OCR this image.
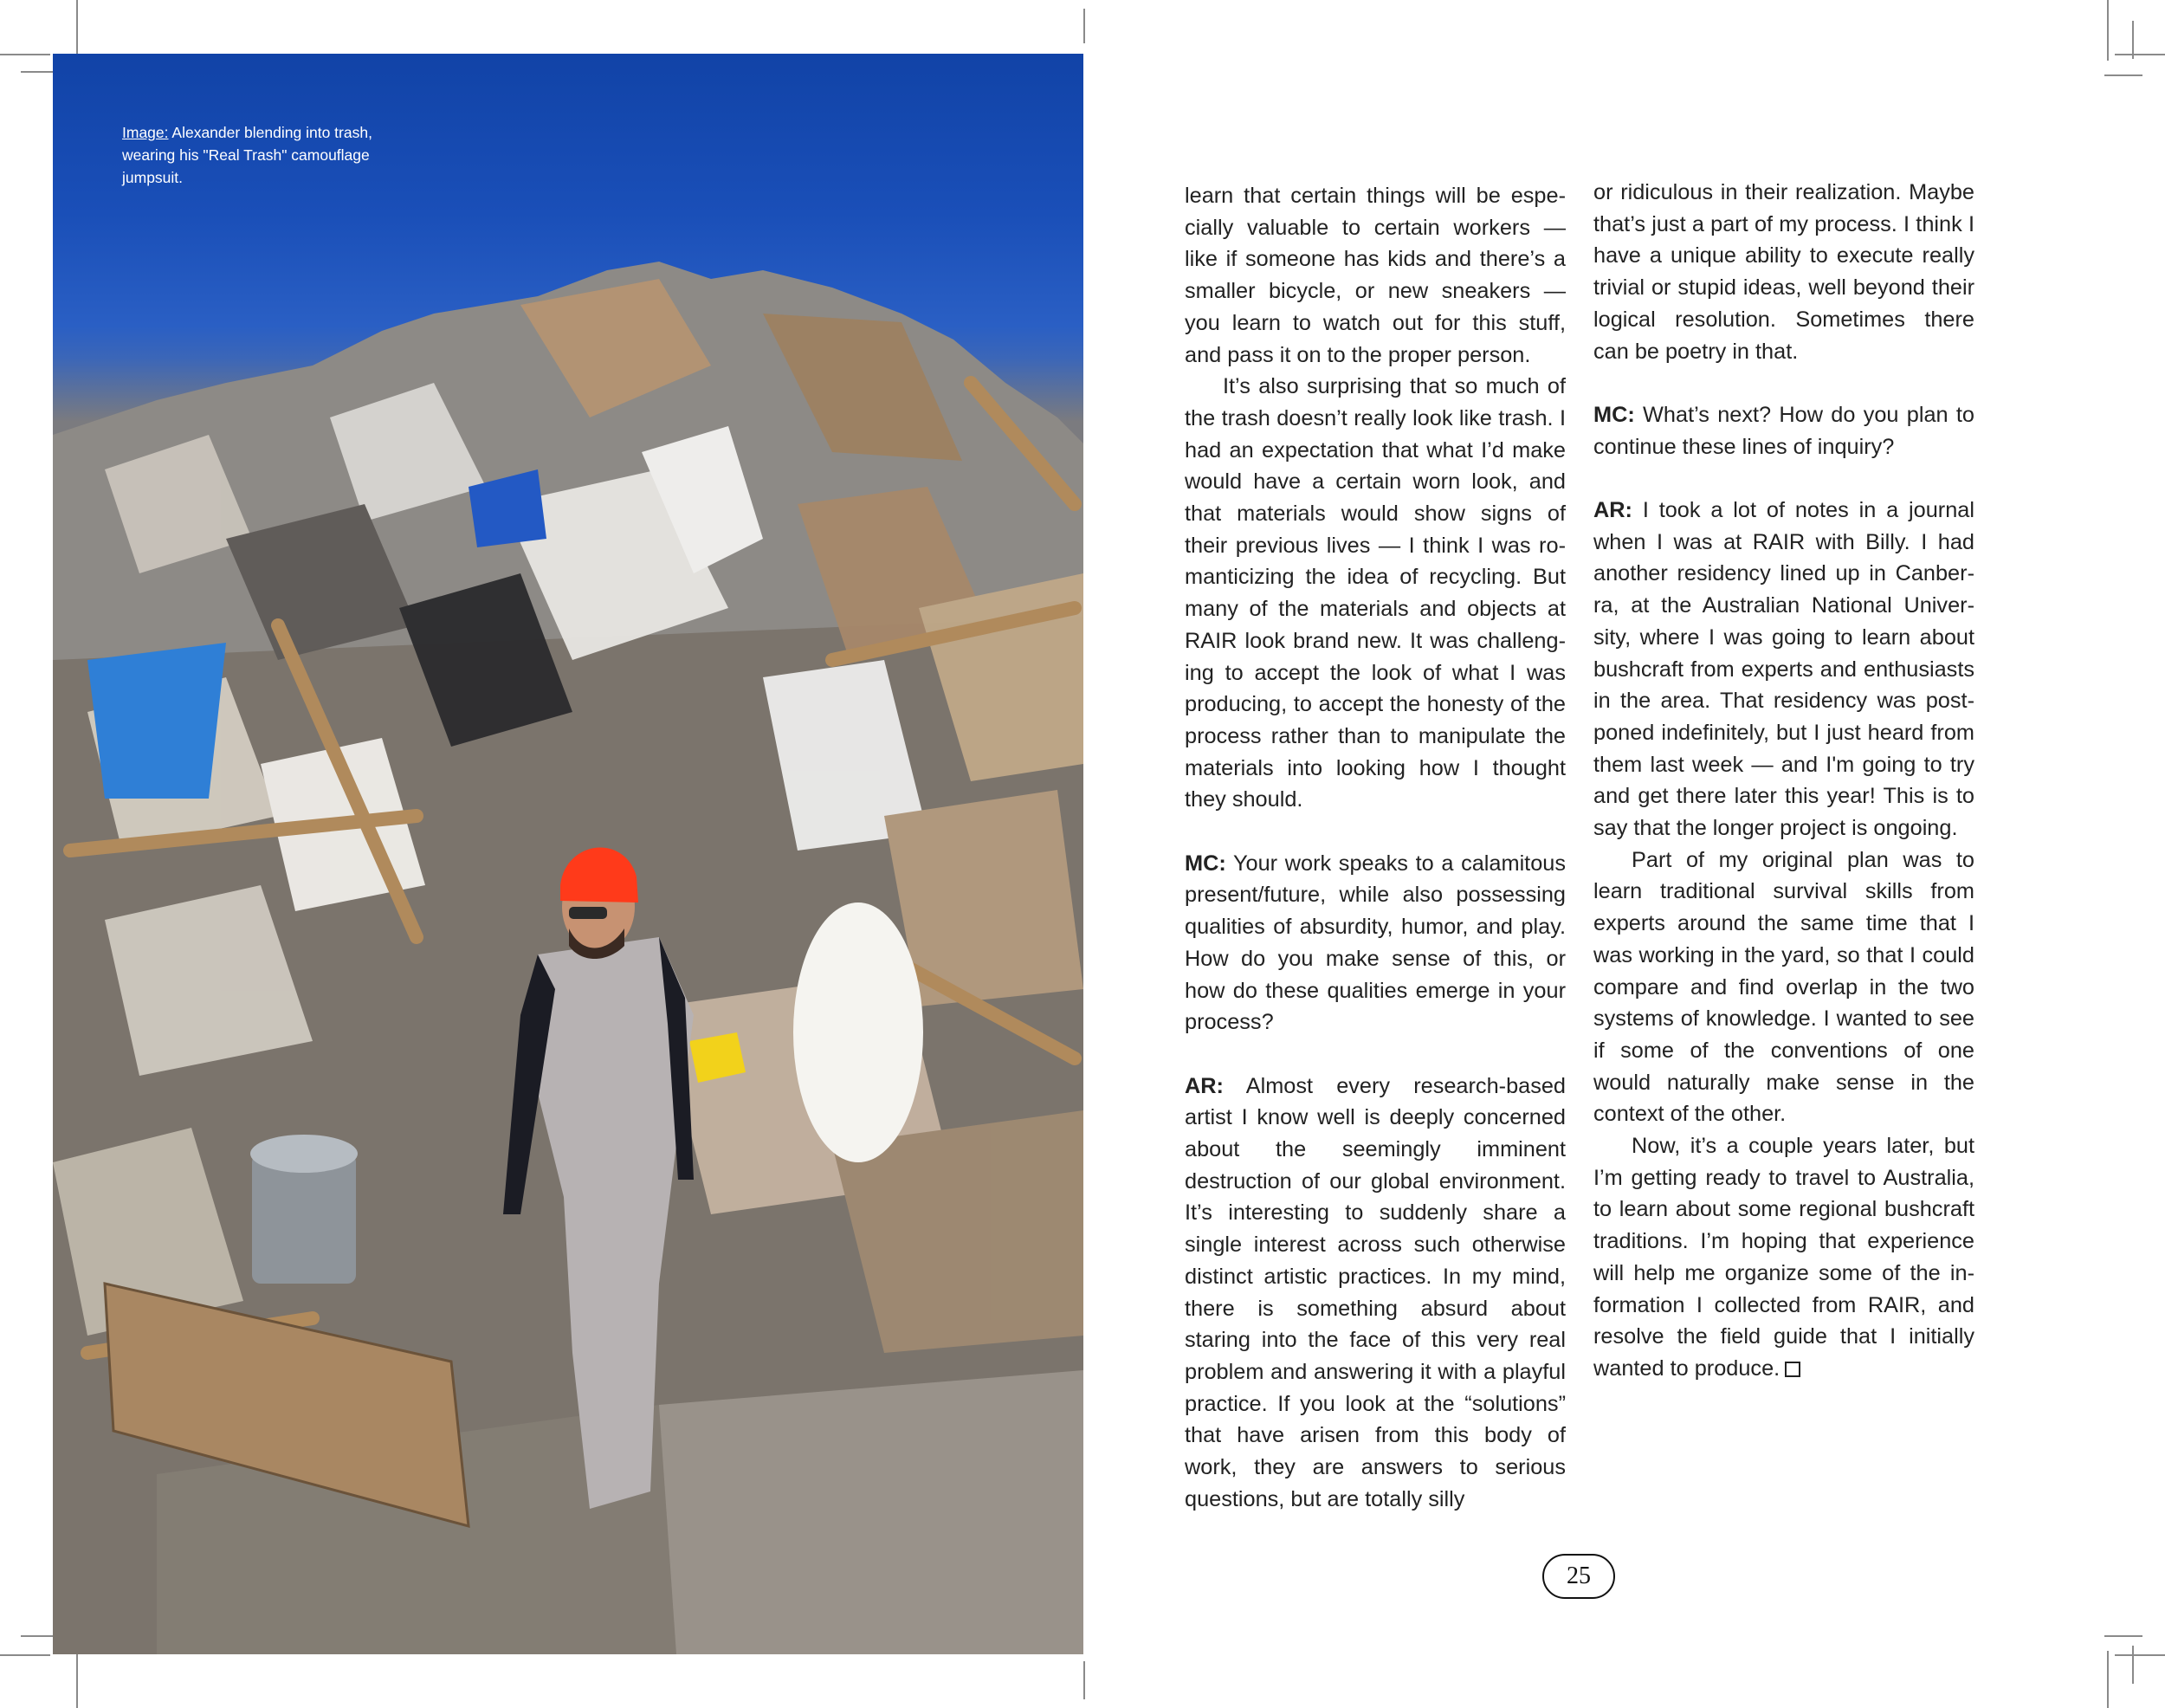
Image: Alexander blending into trash, wearing his "Real Trash" camouflage jumpsuit.

learn that certain things will be especially valuable to certain workers — like if someone has kids and there’s a smaller bicycle, or new sneakers — you learn to watch out for this stuff, and pass it on to the proper person.

It’s also surprising that so much of the trash doesn’t really look like trash. I had an expectation that what I’d make would have a certain worn look, and that materials would show signs of their previous lives — I think I was romanticizing the idea of recycling. But many of the materials and objects at RAIR look brand new. It was challenging to accept the look of what I was producing, to accept the honesty of the process rather than to manipulate the materials into looking how I thought they should.

MC: Your work speaks to a calamitous present/future, while also possessing qualities of absurdity, humor, and play. How do you make sense of this, or how do these qualities emerge in your process?

AR: Almost every research-based artist I know well is deeply concerned about the seemingly imminent destruction of our global environment. It’s interesting to suddenly share a single interest across such otherwise distinct artistic practices. In my mind, there is something absurd about staring into the face of this very real problem and answering it with a playful practice. If you look at the “solutions” that have arisen from this body of work, they are answers to serious questions, but are totally silly

or ridiculous in their realization. Maybe that’s just a part of my process. I think I have a unique ability to execute really trivial or stupid ideas, well beyond their logical resolution. Sometimes there can be poetry in that.

MC: What’s next? How do you plan to continue these lines of inquiry?

AR: I took a lot of notes in a journal when I was at RAIR with Billy. I had another residency lined up in Canberra, at the Australian National University, where I was going to learn about bushcraft from experts and enthusiasts in the area. That residency was postponed indefinitely, but I just heard from them last week — and I'm going to try and get there later this year! This is to say that the longer project is ongoing.

Part of my original plan was to learn traditional survival skills from experts around the same time that I was working in the yard, so that I could compare and find overlap in the two systems of knowledge. I wanted to see if some of the conventions of one would naturally make sense in the context of the other.

Now, it’s a couple years later, but I’m getting ready to travel to Australia, to learn about some regional bushcraft traditions. I’m hoping that experience will help me organize some of the information I collected from RAIR, and resolve the field guide that I initially wanted to produce.

25
